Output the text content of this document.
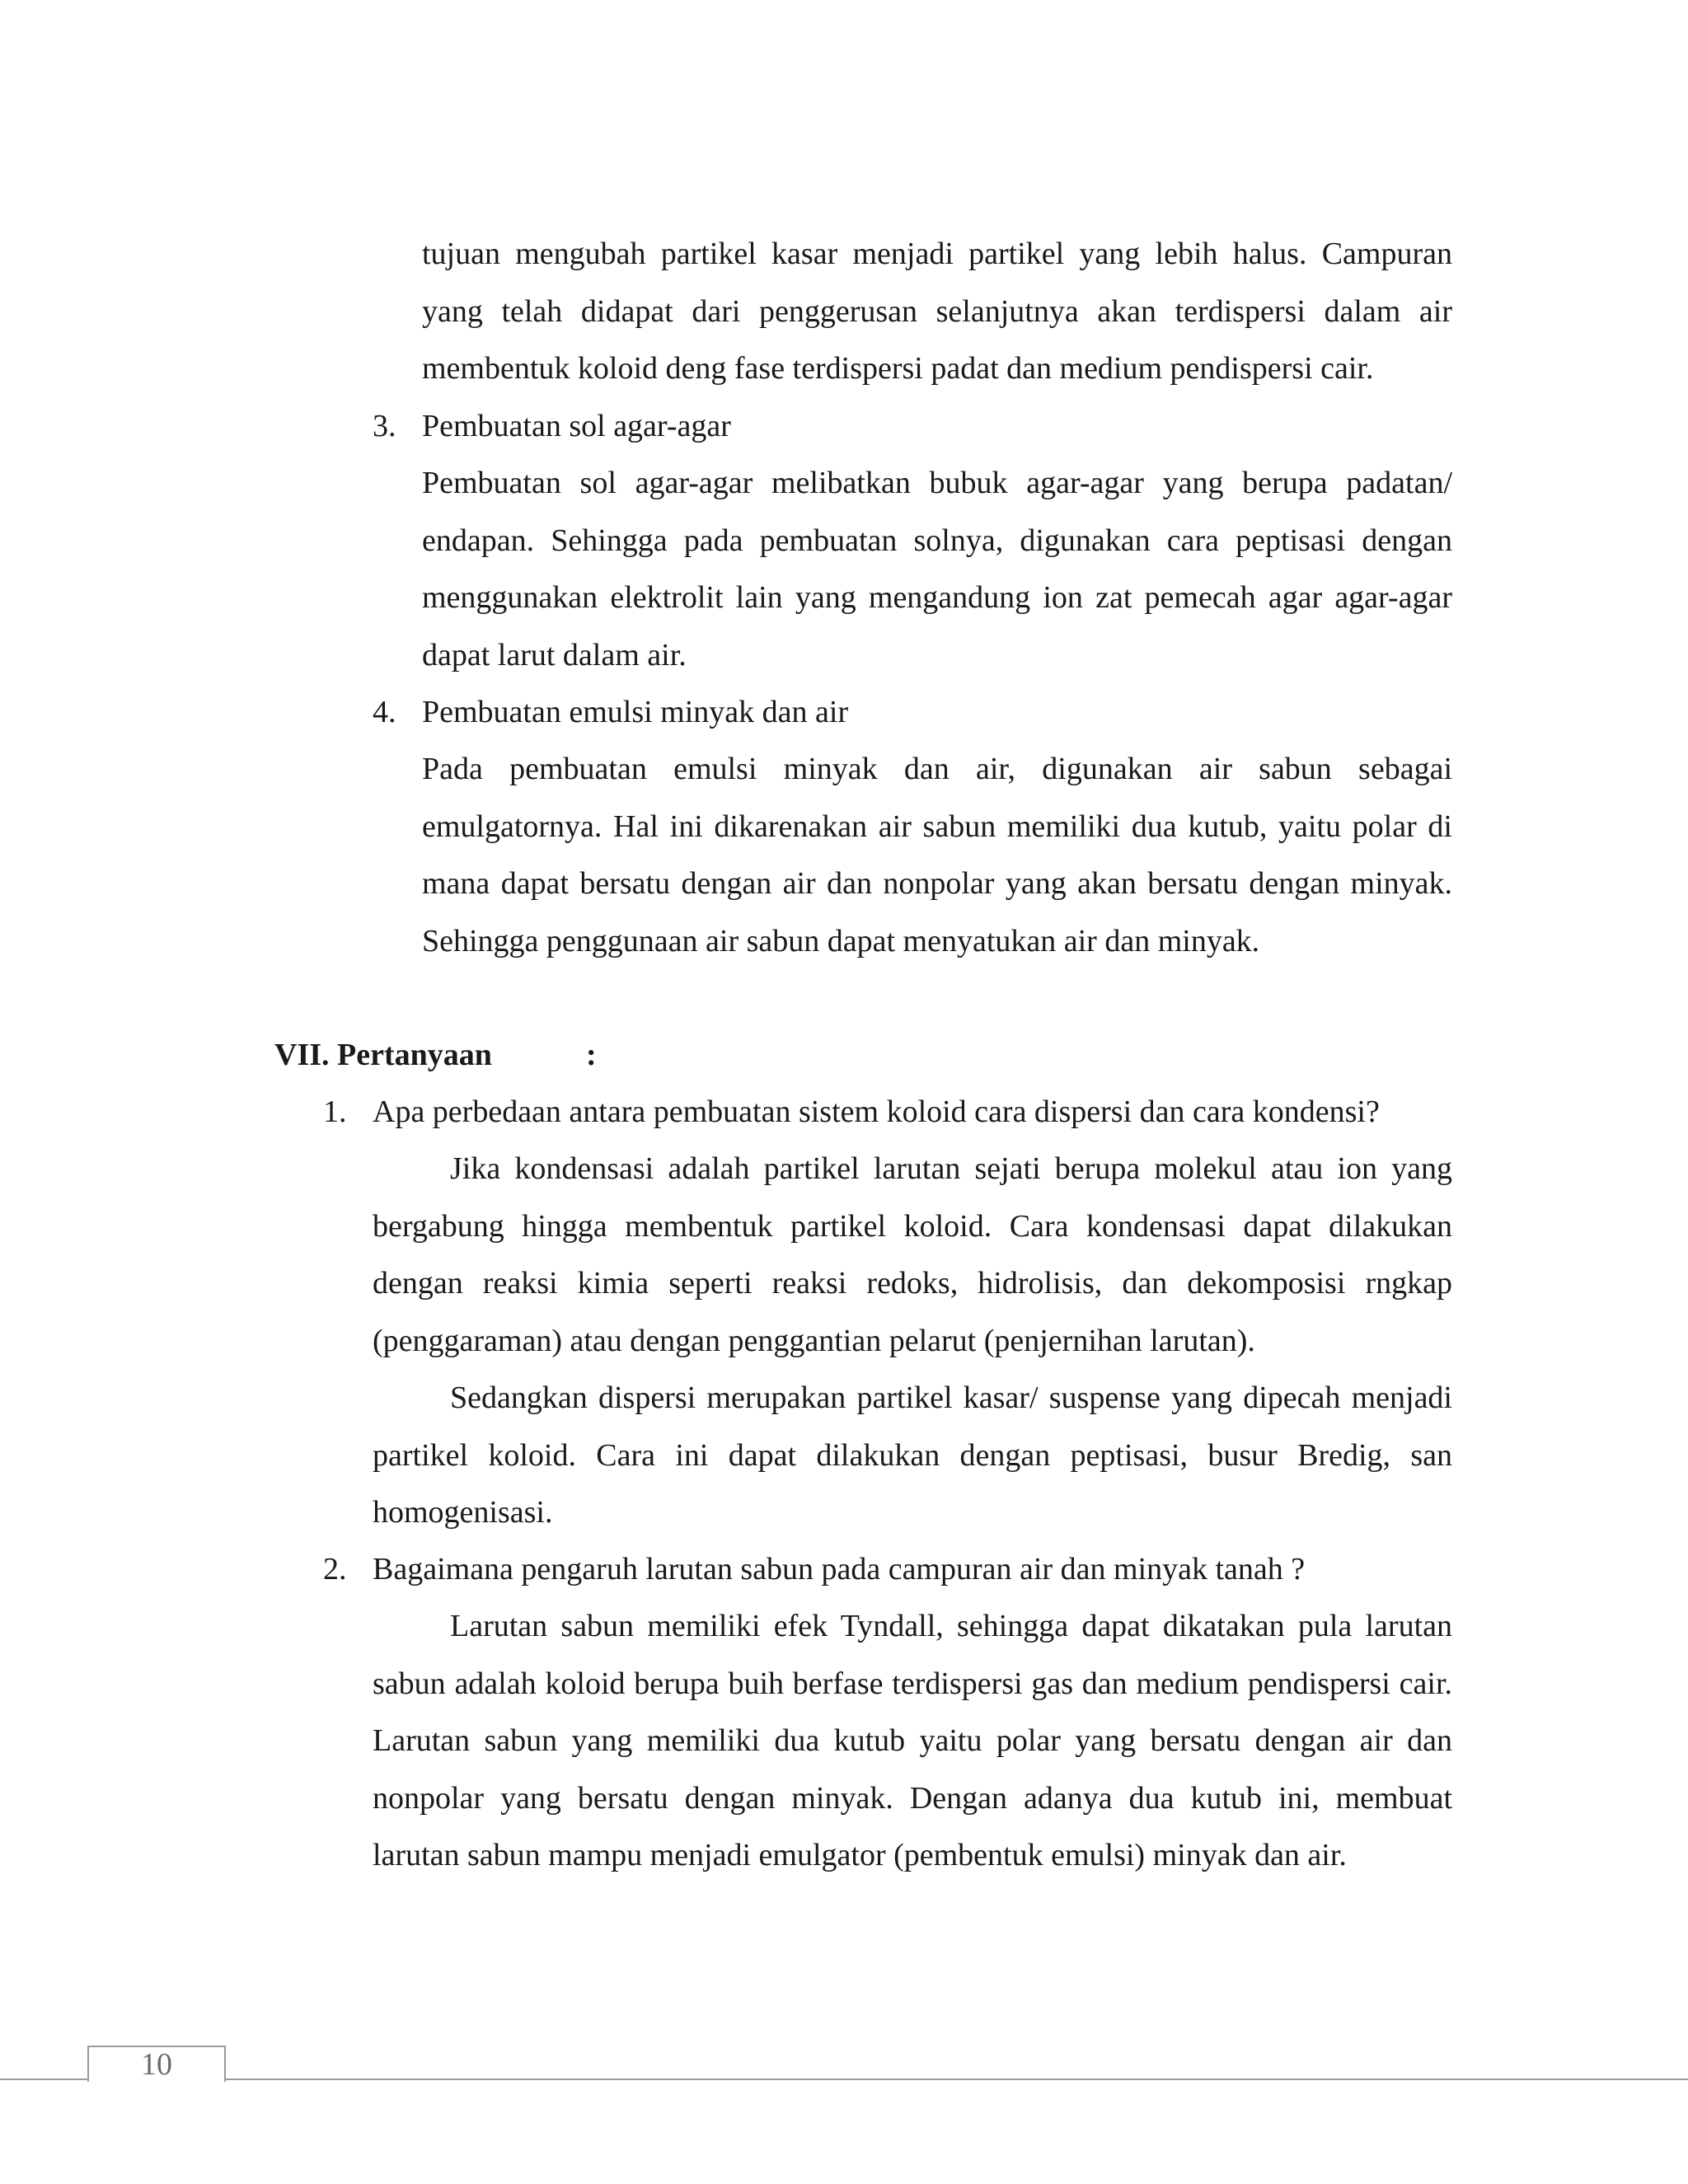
tujuan mengubah partikel kasar menjadi partikel yang lebih halus. Campuran yang telah didapat dari penggerusan selanjutnya akan terdispersi dalam air membentuk koloid deng fase terdispersi padat dan medium pendispersi cair.

3. Pembuatan sol agar-agar

Pembuatan sol agar-agar melibatkan bubuk agar-agar yang berupa padatan/ endapan. Sehingga pada pembuatan solnya, digunakan cara peptisasi dengan menggunakan elektrolit lain yang mengandung ion zat pemecah agar agar-agar dapat larut dalam air.

4. Pembuatan emulsi minyak dan air

Pada pembuatan emulsi minyak dan air, digunakan air sabun sebagai emulgatornya. Hal ini dikarenakan air sabun memiliki dua kutub, yaitu polar di mana dapat bersatu dengan air dan nonpolar yang akan bersatu dengan minyak. Sehingga penggunaan air sabun dapat menyatukan air dan minyak.

VII. Pertanyaan	:
1. Apa perbedaan antara pembuatan sistem koloid cara dispersi dan cara kondensi?

Jika kondensasi adalah partikel larutan sejati berupa molekul atau ion yang bergabung hingga membentuk partikel koloid. Cara kondensasi dapat dilakukan dengan reaksi kimia seperti reaksi redoks, hidrolisis, dan dekomposisi rngkap (penggaraman) atau dengan penggantian pelarut (penjernihan larutan).

Sedangkan dispersi merupakan partikel kasar/ suspense yang dipecah menjadi partikel koloid. Cara ini dapat dilakukan dengan peptisasi, busur Bredig, san homogenisasi.

2. Bagaimana pengaruh larutan sabun pada campuran air dan minyak tanah ?

Larutan sabun memiliki efek Tyndall, sehingga dapat dikatakan pula larutan sabun adalah koloid berupa buih berfase terdispersi gas dan medium pendispersi cair. Larutan sabun yang memiliki dua kutub yaitu polar yang bersatu dengan air dan nonpolar yang bersatu dengan minyak. Dengan adanya dua kutub ini, membuat larutan sabun mampu menjadi emulgator (pembentuk emulsi) minyak dan air.

10
